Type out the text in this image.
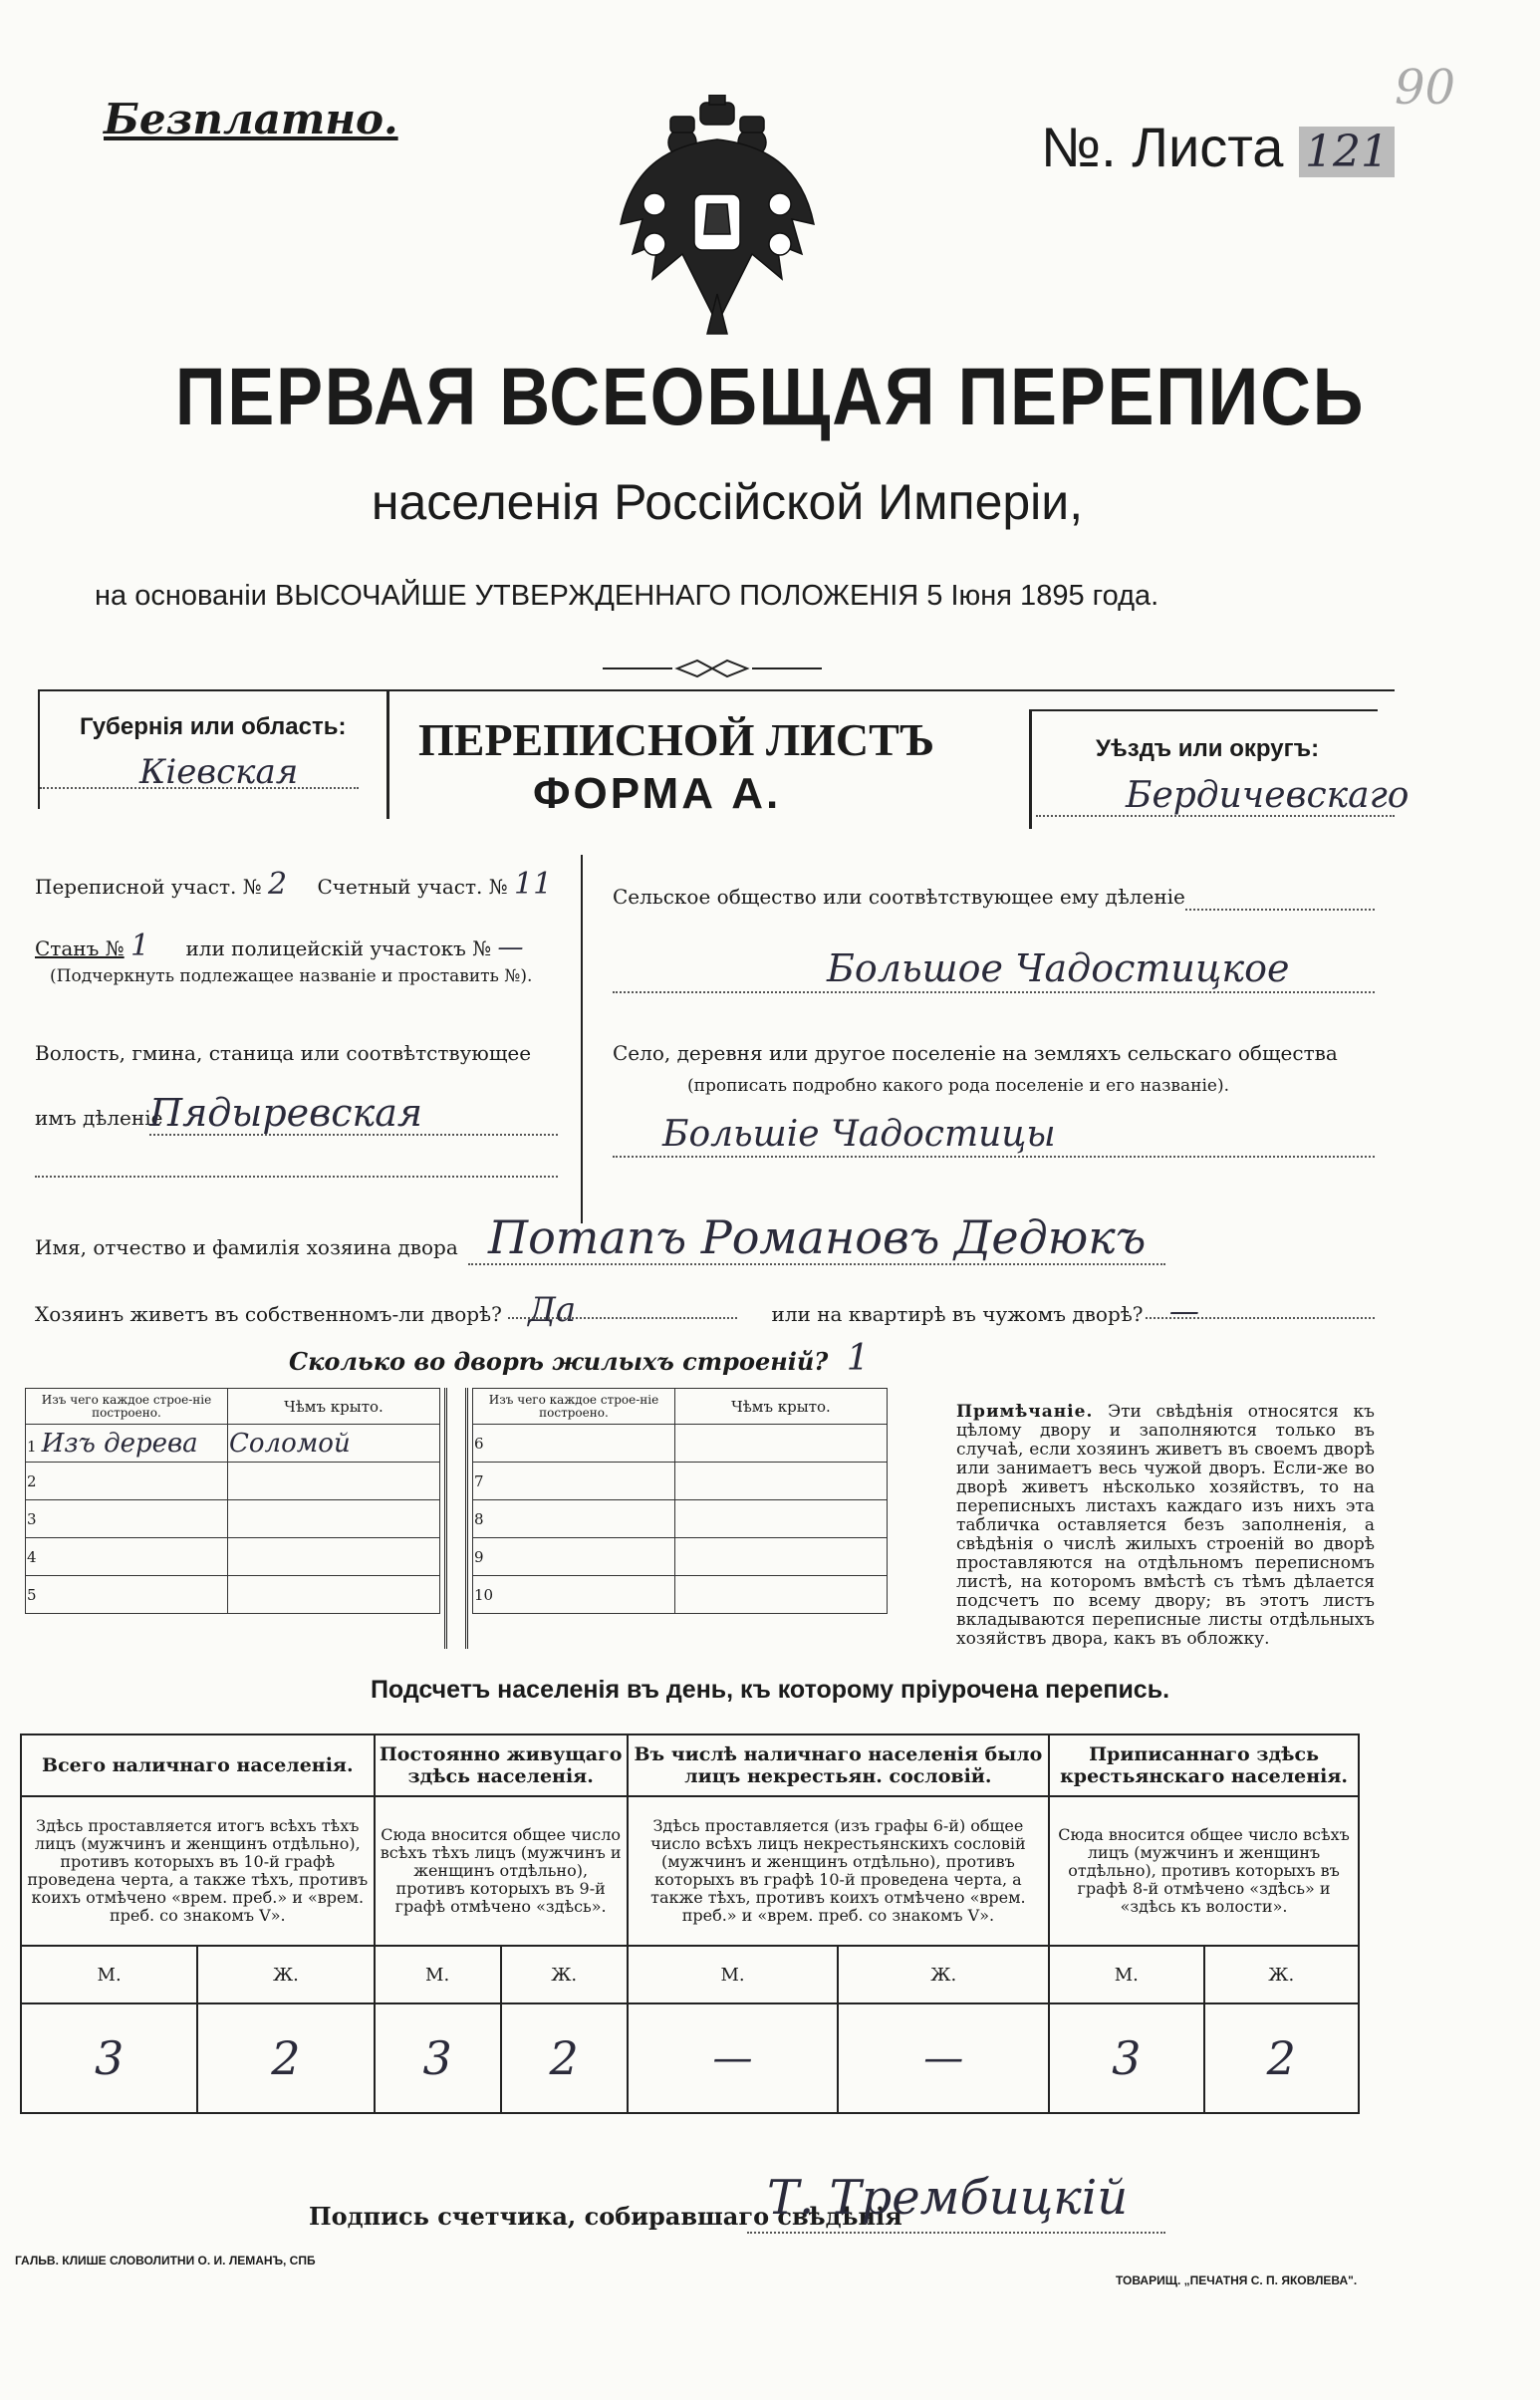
90
Безплатно.	№. Листа 121
ПЕРВАЯ ВСЕОБЩАЯ ПЕРЕПИСЬ
населенія Россійской Имперіи,
на основаніи ВЫСОЧАЙШЕ УТВЕРЖДЕННАГО ПОЛОЖЕНІЯ 5 Іюня 1895 года.
Губернія или область:
Кіевская
ПЕРЕПИСНОЙ ЛИСТЪ
ФОРМА А.
Уѣздъ или округъ:
Бердичевскаго
Переписной участ. № 2 Счетный участ. № 11
Станъ № 1 или полицейскій участокъ № —
(Подчеркнуть подлежащее названіе и проставить №).
Волость, гмина, станица или соотвѣтствующее
имъ дѣленіе
Пядыревская
Сельское общество или соотвѣтствующее ему дѣленіе
Большое Чадостицкое
Село, деревня или другое поселеніе на земляхъ сельскаго общества
(прописать подробно какого рода поселеніе и его названіе).
Большіе Чадостицы
Имя, отчество и фамилія хозяина двора Потапъ Романовъ Дедюкъ
Хозяинъ живетъ въ собственномъ-ли дворѣ? Да	или на квартирѣ въ чужомъ дворѣ? —
Сколько во дворѣ жилыхъ строеній? 1
Изъ чего каждое строе-ніе построено.	Чѣмъ крыто.
1 Изъ дерева	Соломой
2	
3	
4	
5	
Изъ чего каждое строе-ніе построено.	Чѣмъ крыто.
6	
7	
8	
9	
10	
Примѣчаніе. Эти свѣдѣнія относятся къ цѣлому двору и заполняются только въ случаѣ, если хозяинъ живетъ въ своемъ дворѣ или занимаетъ весь чужой дворъ. Если-же во дворѣ живетъ нѣсколько хозяйствъ, то на переписныхъ листахъ каждаго изъ нихъ эта табличка оставляется безъ заполненія, а свѣдѣнія о числѣ жилыхъ строеній во дворѣ проставляются на отдѣльномъ переписномъ листѣ, на которомъ вмѣстѣ съ тѣмъ дѣлается подсчетъ по всему двору; въ этотъ листъ вкладываются переписные листы отдѣльныхъ хозяйствъ двора, какъ въ обложку.
Подсчетъ населенія въ день, къ которому пріурочена перепись.
Всего наличнаго населенія.		Постоянно живущаго здѣсь населенія.		Въ числѣ наличнаго населенія было лицъ некрестьян. сословій.		Приписаннаго здѣсь крестьянскаго населенія.	
Здѣсь проставляется итогъ всѣхъ тѣхъ лицъ (мужчинъ и женщинъ отдѣльно), противъ которыхъ въ 10-й графѣ проведена черта, а также тѣхъ, противъ коихъ отмѣчено «врем. преб.» и «врем. преб. со знакомъ V».		Сюда вносится общее число всѣхъ тѣхъ лицъ (мужчинъ и женщинъ отдѣльно), противъ которыхъ въ 9-й графѣ отмѣчено «здѣсь».		Здѣсь проставляется (изъ графы 6-й) общее число всѣхъ лицъ некрестьянскихъ сословій (мужчинъ и женщинъ отдѣльно), противъ которыхъ въ графѣ 10-й проведена черта, а также тѣхъ, противъ коихъ отмѣчено «врем. преб.» и «врем. преб. со знакомъ V».		Сюда вносится общее число всѣхъ лицъ (мужчинъ и женщинъ отдѣльно), противъ которыхъ въ графѣ 8-й отмѣчено «здѣсь» и «здѣсь къ волости».	
М.	Ж.	М.	Ж.	М.	Ж.	М.	Ж.
3	2	3	2	—	—	3	2
Подпись счетчика, собиравшаго свѣдѣнія
Т. Трембицкій
ГАЛЬВ. КЛИШЕ СЛОВОЛИТНИ О. И. ЛЕМАНЪ, СПБ
ТОВАРИЩ. „ПЕЧАТНЯ С. П. ЯКОВЛЕВА".
